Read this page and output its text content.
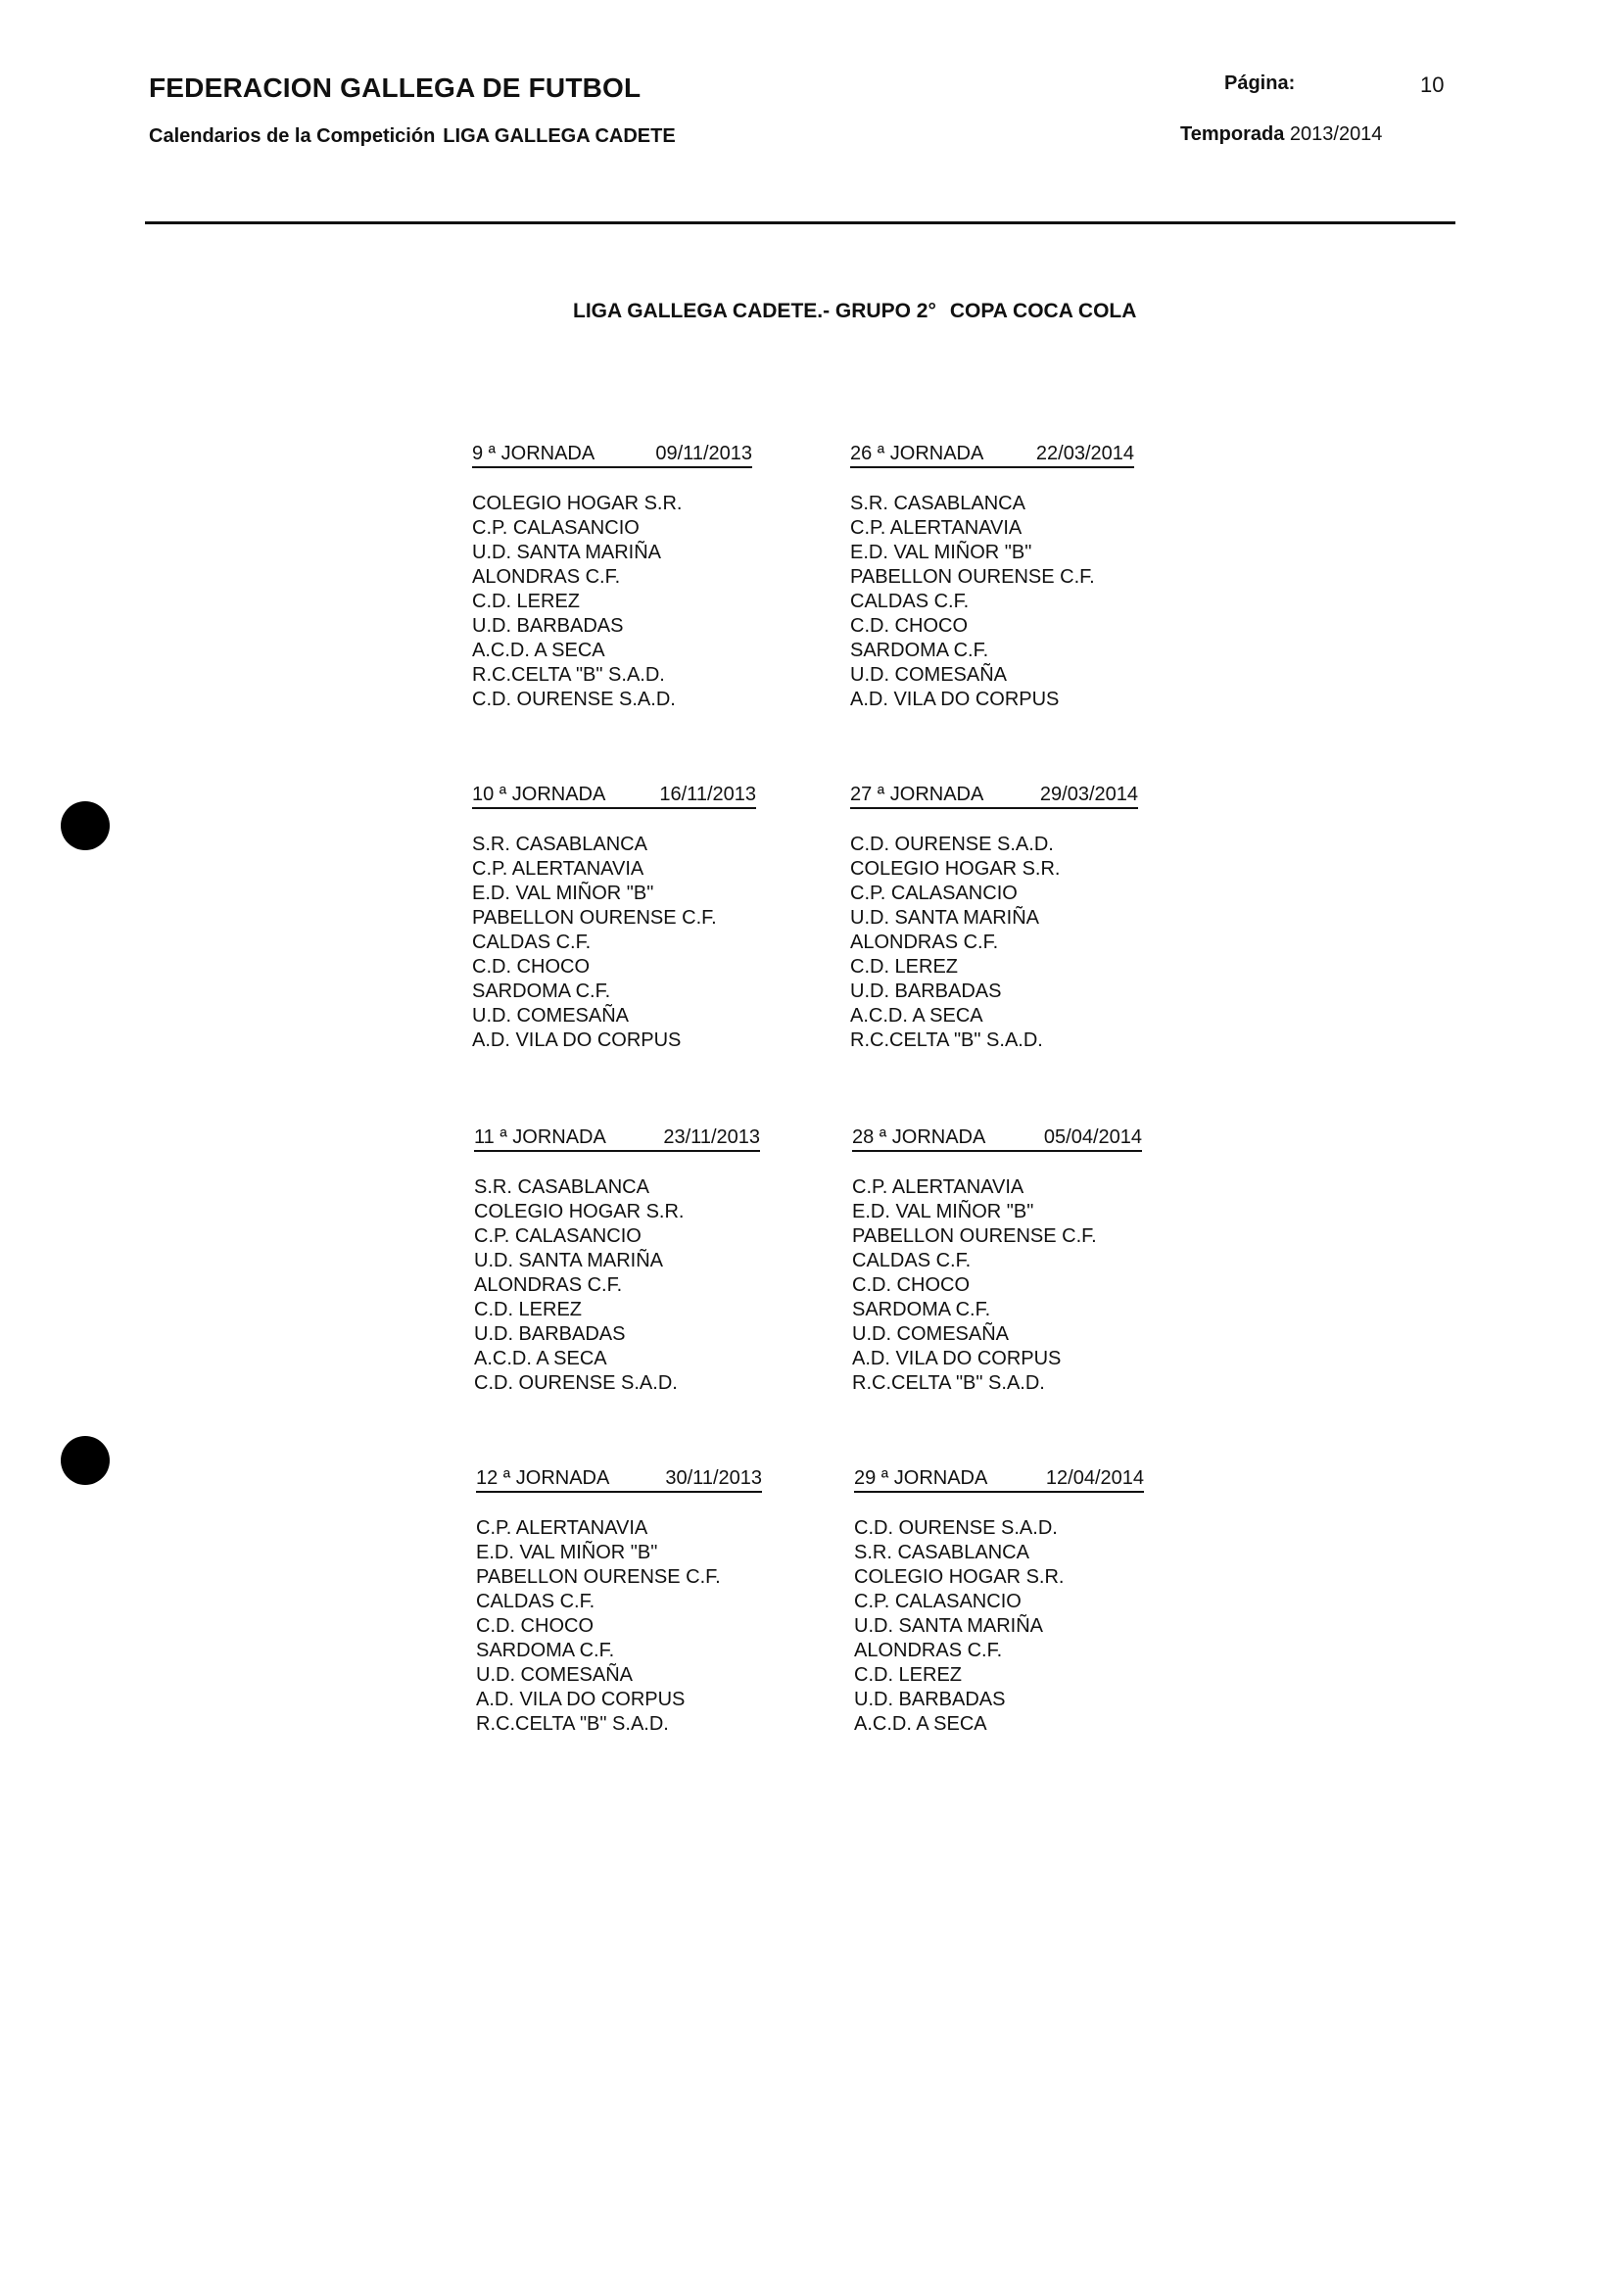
FEDERACION GALLEGA DE FUTBOL
Calendarios de la Competición LIGA GALLEGA CADETE
Página:	10
Temporada 2013/2014
LIGA GALLEGA CADETE.- GRUPO 2° COPA COCA COLA
9 ª JORNADA	09/11/2013
COLEGIO HOGAR S.R.
C.P. CALASANCIO
U.D. SANTA MARIÑA
ALONDRAS C.F.
C.D. LEREZ
U.D. BARBADAS
A.C.D. A SECA
R.C.CELTA "B" S.A.D.
C.D. OURENSE S.A.D.
26 ª JORNADA	22/03/2014
S.R. CASABLANCA
C.P. ALERTANAVIA
E.D. VAL MIÑOR "B"
PABELLON OURENSE C.F.
CALDAS C.F.
C.D. CHOCO
SARDOMA C.F.
U.D. COMESAÑA
A.D. VILA DO CORPUS
10 ª JORNADA	16/11/2013
S.R. CASABLANCA
C.P. ALERTANAVIA
E.D. VAL MIÑOR "B"
PABELLON OURENSE C.F.
CALDAS C.F.
C.D. CHOCO
SARDOMA C.F.
U.D. COMESAÑA
A.D. VILA DO CORPUS
27 ª JORNADA	29/03/2014
C.D. OURENSE S.A.D.
COLEGIO HOGAR S.R.
C.P. CALASANCIO
U.D. SANTA MARIÑA
ALONDRAS C.F.
C.D. LEREZ
U.D. BARBADAS
A.C.D. A SECA
R.C.CELTA "B" S.A.D.
11 ª JORNADA	23/11/2013
S.R. CASABLANCA
COLEGIO HOGAR S.R.
C.P. CALASANCIO
U.D. SANTA MARIÑA
ALONDRAS C.F.
C.D. LEREZ
U.D. BARBADAS
A.C.D. A SECA
C.D. OURENSE S.A.D.
28 ª JORNADA	05/04/2014
C.P. ALERTANAVIA
E.D. VAL MIÑOR "B"
PABELLON OURENSE C.F.
CALDAS C.F.
C.D. CHOCO
SARDOMA C.F.
U.D. COMESAÑA
A.D. VILA DO CORPUS
R.C.CELTA "B" S.A.D.
12 ª JORNADA	30/11/2013
C.P. ALERTANAVIA
E.D. VAL MIÑOR "B"
PABELLON OURENSE C.F.
CALDAS C.F.
C.D. CHOCO
SARDOMA C.F.
U.D. COMESAÑA
A.D. VILA DO CORPUS
R.C.CELTA "B" S.A.D.
29 ª JORNADA	12/04/2014
C.D. OURENSE S.A.D.
S.R. CASABLANCA
COLEGIO HOGAR S.R.
C.P. CALASANCIO
U.D. SANTA MARIÑA
ALONDRAS C.F.
C.D. LEREZ
U.D. BARBADAS
A.C.D. A SECA
